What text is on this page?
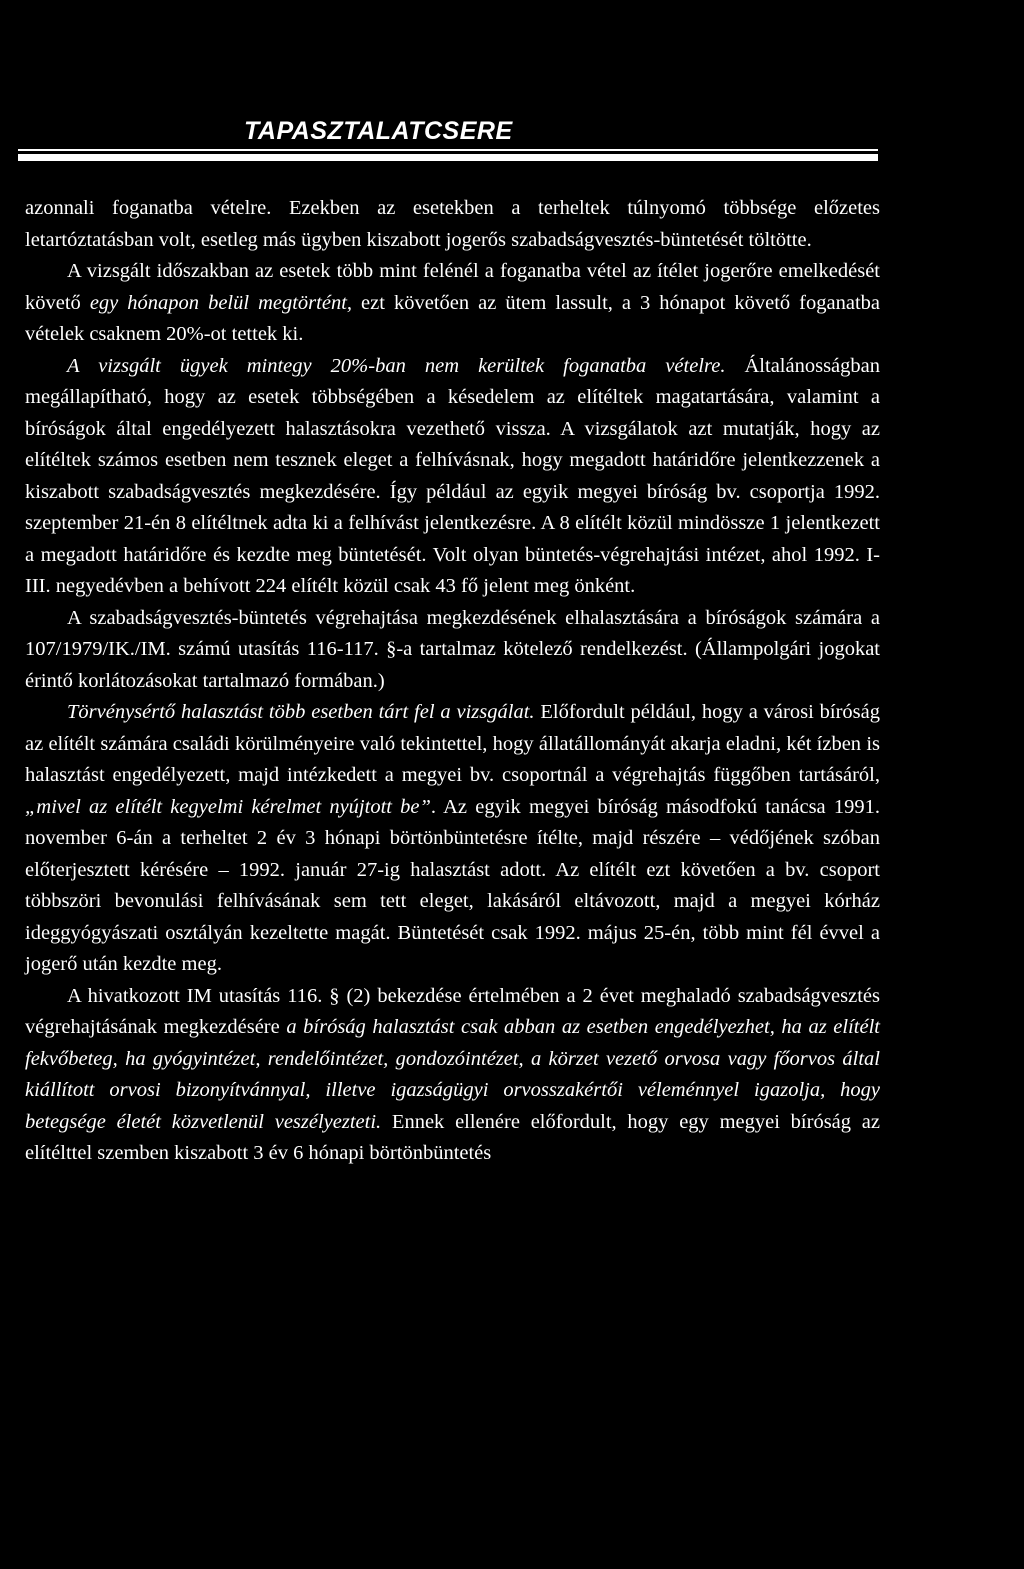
TAPASZTALATCSERE

azonnali foganatba vételre. Ezekben az esetekben a terheltek túlnyomó többsége előzetes letartóztatásban volt, esetleg más ügyben kiszabott jogerős szabadságvesztés-büntetését töltötte.

A vizsgált időszakban az esetek több mint felénél a foganatba vétel az ítélet jogerőre emelkedését követő egy hónapon belül megtörtént, ezt követően az ütem lassult, a 3 hónapot követő foganatba vételek csaknem 20%-ot tettek ki.

A vizsgált ügyek mintegy 20%-ban nem kerültek foganatba vételre. Általánosságban megállapítható, hogy az esetek többségében a késedelem az elítéltek magatartására, valamint a bíróságok által engedélyezett halasztásokra vezethető vissza. A vizsgálatok azt mutatják, hogy az elítéltek számos esetben nem tesznek eleget a felhívásnak, hogy megadott határidőre jelentkezzenek a kiszabott szabadságvesztés megkezdésére. Így például az egyik megyei bíróság bv. csoportja 1992. szeptember 21-én 8 elítéltnek adta ki a felhívást jelentkezésre. A 8 elítélt közül mindössze 1 jelentkezett a megadott határidőre és kezdte meg büntetését. Volt olyan büntetés-végrehajtási intézet, ahol 1992. I-III. negyedévben a behívott 224 elítélt közül csak 43 fő jelent meg önként.

A szabadságvesztés-büntetés végrehajtása megkezdésének elhalasztására a bíróságok számára a 107/1979/IK./IM. számú utasítás 116-117. §-a tartalmaz kötelező rendelkezést. (Állampolgári jogokat érintő korlátozásokat tartalmazó formában.)

Törvénysértő halasztást több esetben tárt fel a vizsgálat. Előfordult például, hogy a városi bíróság az elítélt számára családi körülményeire való tekintettel, hogy állatállományát akarja eladni, két ízben is halasztást engedélyezett, majd intézkedett a megyei bv. csoportnál a végrehajtás függőben tartásáról, „mivel az elítélt kegyelmi kérelmet nyújtott be”. Az egyik megyei bíróság másodfokú tanácsa 1991. november 6-án a terheltet 2 év 3 hónapi börtönbüntetésre ítélte, majd részére – védőjének szóban előterjesztett kérésére – 1992. január 27-ig halasztást adott. Az elítélt ezt követően a bv. csoport többszöri bevonulási felhívásának sem tett eleget, lakásáról eltávozott, majd a megyei kórház ideggyógyászati osztályán kezeltette magát. Büntetését csak 1992. május 25-én, több mint fél évvel a jogerő után kezdte meg.

A hivatkozott IM utasítás 116. § (2) bekezdése értelmében a 2 évet meghaladó szabadságvesztés végrehajtásának megkezdésére a bíróság halasztást csak abban az esetben engedélyezhet, ha az elítélt fekvőbeteg, ha gyógyintézet, rendelőintézet, gondozóintézet, a körzet vezető orvosa vagy főorvos által kiállított orvosi bizonyítvánnyal, illetve igazságügyi orvosszakértői véleménnyel igazolja, hogy betegsége életét közvetlenül veszélyezteti. Ennek ellenére előfordult, hogy egy megyei bíróság az elítélttel szemben kiszabott 3 év 6 hónapi börtönbüntetés
